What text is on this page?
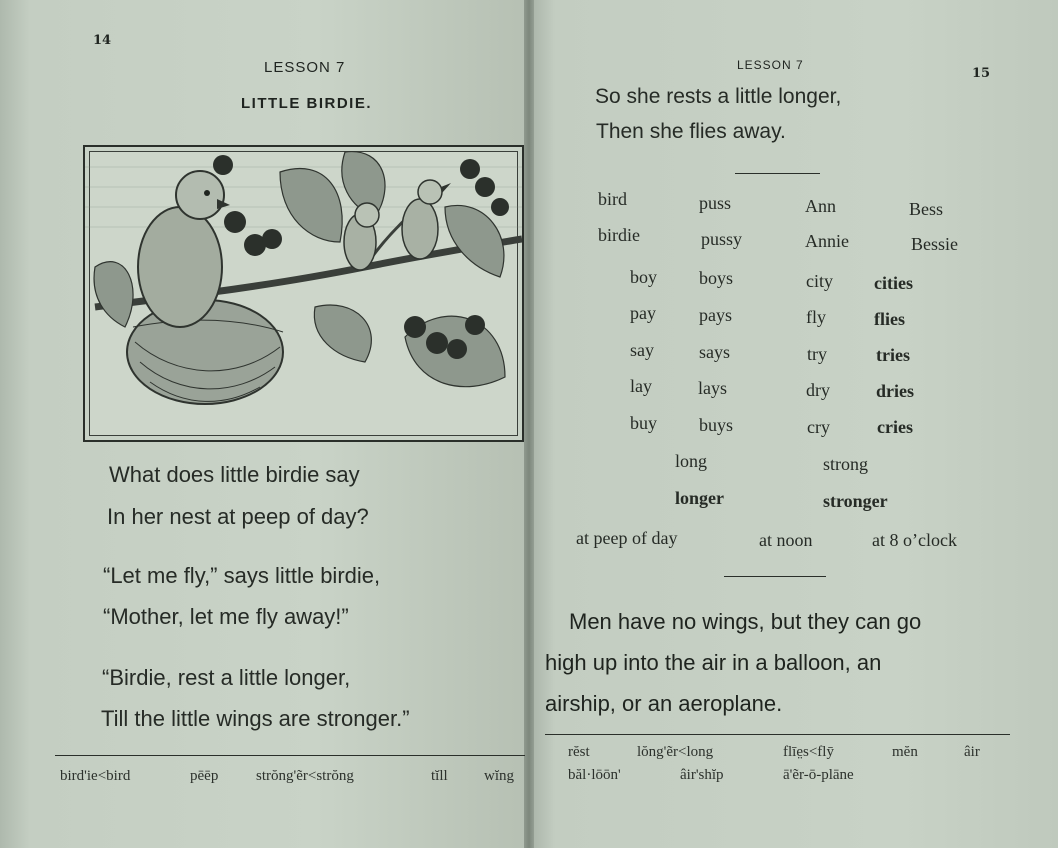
14
LESSON 7
LITTLE BIRDIE.
What does little birdie say
In her nest at peep of day?
“Let me fly,” says little birdie,
“Mother, let me fly away!”
“Birdie, rest a little longer,
Till the little wings are stronger.”
bird'ie<bird	pēēp	strŏng'ẽr<strŏng	tĭll wĭng
LESSON 7
15
So she rests a little longer,
Then she flies away.
bird	puss	Ann	Bess
birdie	pussy	Annie	Bessie
boy boys	city cities
pay pays	fly	flies
say	says	try	tries
lay	lays	dry	dries
buy buys	cry	cries
long	strong
longer	stronger
at peep of day	at noon	at 8 o’clock
Men have no wings, but they can go
high up into the air in a balloon, an
airship, or an aeroplane.
rĕst	lŏng'ẽr<long	flīe̤s<flȳ	mĕn	âir
băl·lōōn'	âir'shĭp	ā'ẽr-ō-plāne
